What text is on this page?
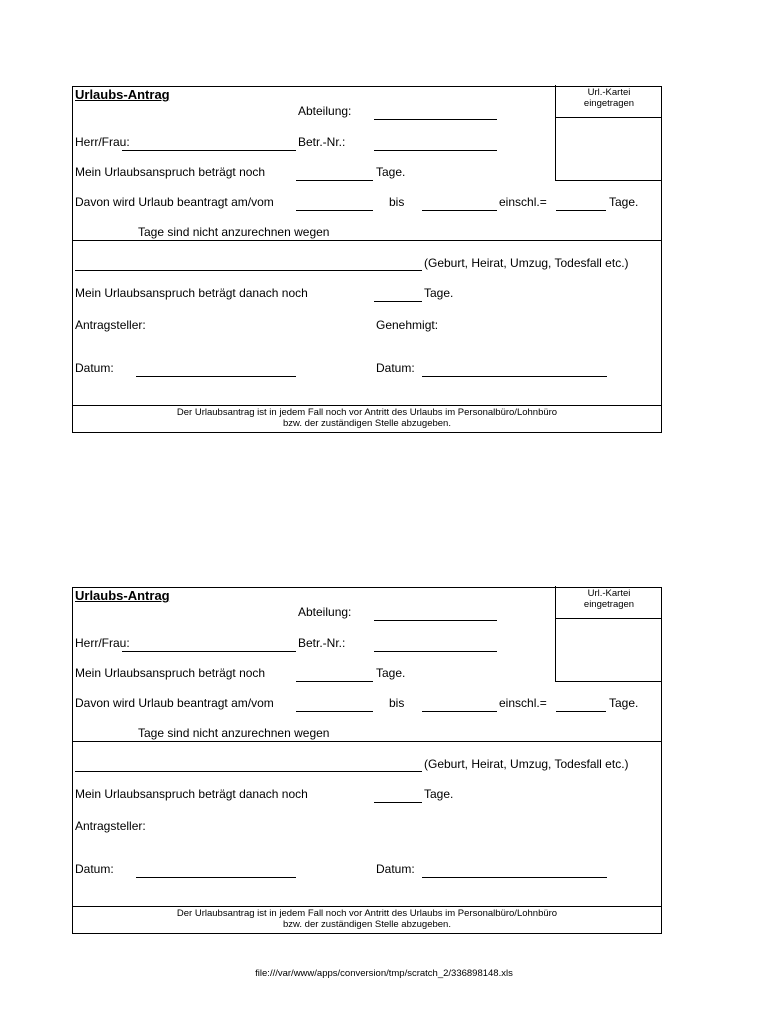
Urlaubs-Antrag
Abteilung:
Herr/Frau:	Betr.-Nr.:
Mein Urlaubsanspruch beträgt noch	Tage.
Davon wird Urlaub beantragt am/vom	bis	einschl.=	Tage.
Tage sind nicht anzurechnen wegen
(Geburt, Heirat, Umzug, Todesfall etc.)
Mein Urlaubsanspruch beträgt danach noch	Tage.
Antragsteller:	Genehmigt:
Datum:	Datum:
Url.-Kartei
eingetragen
Der Urlaubsantrag ist in jedem Fall noch vor Antritt des Urlaubs im Personalbüro/Lohnbüro
bzw. der zuständigen Stelle abzugeben.
Urlaubs-Antrag
Abteilung:
Herr/Frau:	Betr.-Nr.:
Mein Urlaubsanspruch beträgt noch	Tage.
Davon wird Urlaub beantragt am/vom	bis	einschl.=	Tage.
Tage sind nicht anzurechnen wegen
(Geburt, Heirat, Umzug, Todesfall etc.)
Mein Urlaubsanspruch beträgt danach noch	Tage.
Antragsteller:
Datum:	Datum:
Url.-Kartei
eingetragen
Der Urlaubsantrag ist in jedem Fall noch vor Antritt des Urlaubs im Personalbüro/Lohnbüro
bzw. der zuständigen Stelle abzugeben.
file:///var/www/apps/conversion/tmp/scratch_2/336898148.xls
